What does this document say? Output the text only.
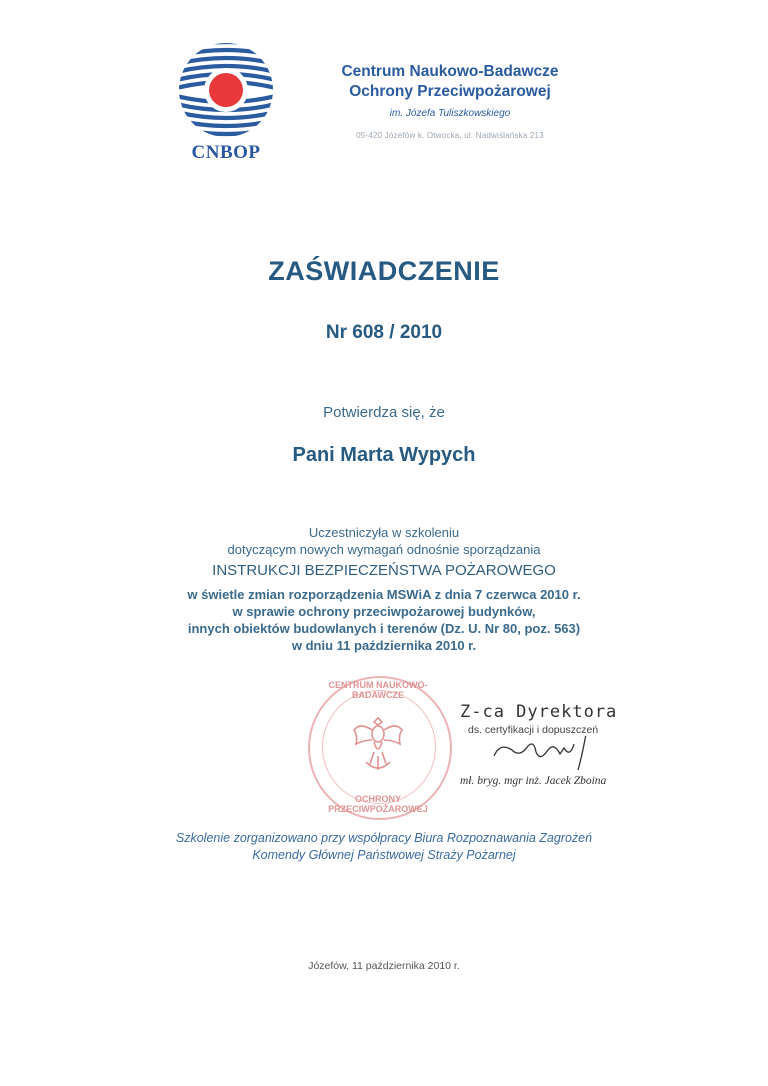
CNBOP
Centrum Naukowo-Badawcze
Ochrony Przeciwpożarowej
im. Józefa Tuliszkowskiego
05-420 Józefów k. Otwocka, ul. Nadwiślańska 213
ZAŚWIADCZENIE
Nr 608 / 2010
Potwierdza się, że
Pani Marta Wypych
Uczestniczyła w szkoleniu
dotyczącym nowych wymagań odnośnie sporządzania
INSTRUKCJI BEZPIECZEŃSTWA POŻAROWEGO
w świetle zmian rozporządzenia MSWiA z dnia 7 czerwca 2010 r.
w sprawie ochrony przeciwpożarowej budynków,
innych obiektów budowlanych i terenów (Dz. U. Nr 80, poz. 563)
w dniu 11 października 2010 r.
CENTRUM NAUKOWO-BADAWCZE
OCHRONY PRZECIWPOŻAROWEJ
Z-ca Dyrektora
ds. certyfikacji i dopuszczeń
mł. bryg. mgr inż. Jacek Zboina
Szkolenie zorganizowano przy współpracy Biura Rozpoznawania Zagrożeń
Komendy Głównej Państwowej Straży Pożarnej
Józefów, 11 października 2010 r.
